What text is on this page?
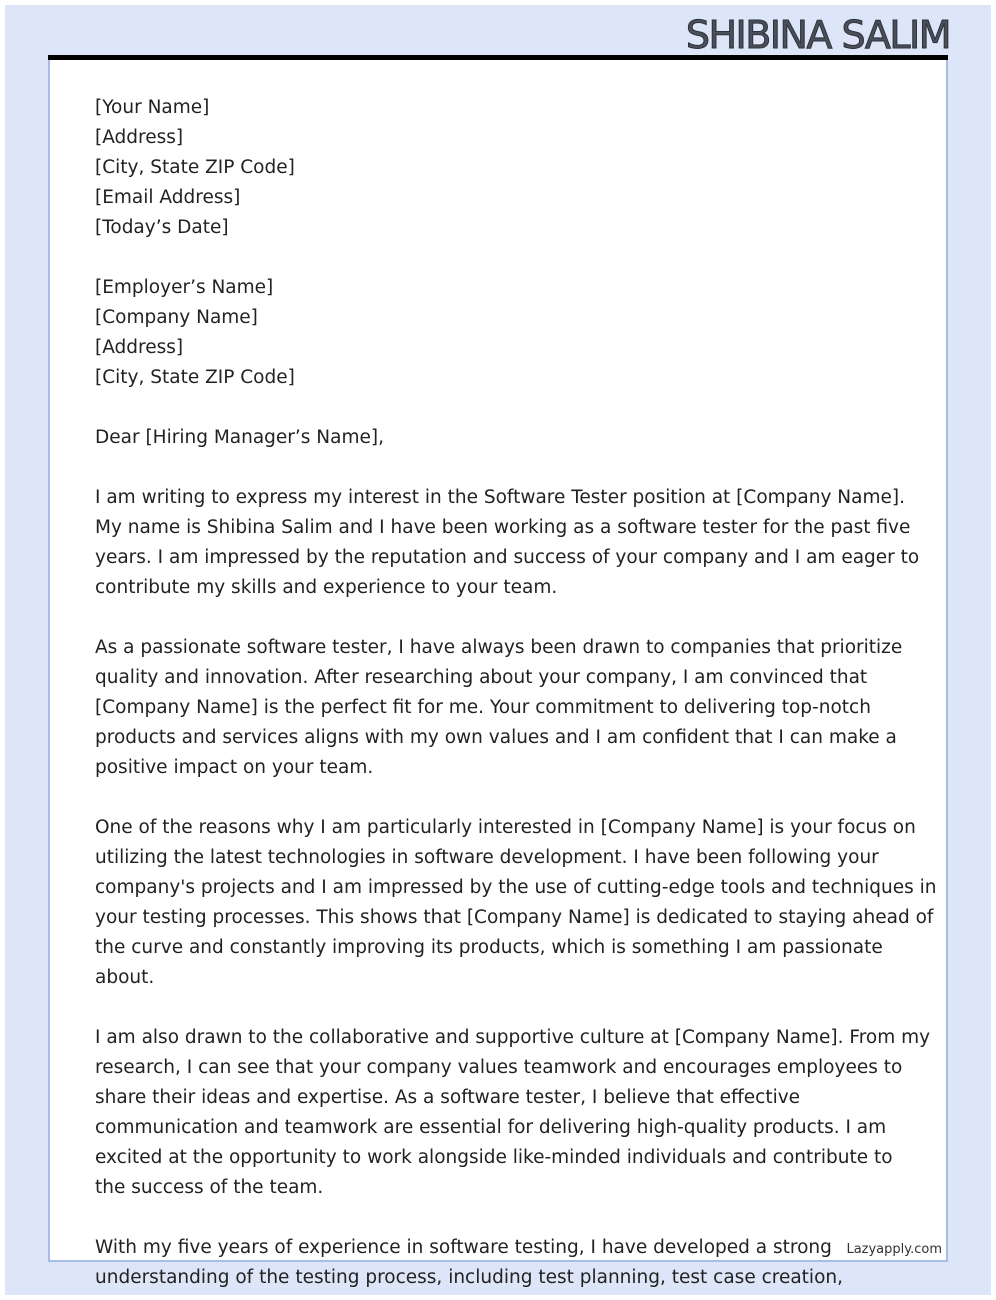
SHIBINA SALIM
[Your Name]
[Address]
[City, State ZIP Code]
[Email Address]
[Today’s Date]
[Employer’s Name]
[Company Name]
[Address]
[City, State ZIP Code]
Dear [Hiring Manager’s Name],
I am writing to express my interest in the Software Tester position at [Company Name].
My name is Shibina Salim and I have been working as a software tester for the past five
years. I am impressed by the reputation and success of your company and I am eager to
contribute my skills and experience to your team.
As a passionate software tester, I have always been drawn to companies that prioritize
quality and innovation. After researching about your company, I am convinced that
[Company Name] is the perfect fit for me. Your commitment to delivering top-notch
products and services aligns with my own values and I am confident that I can make a
positive impact on your team.
One of the reasons why I am particularly interested in [Company Name] is your focus on
utilizing the latest technologies in software development. I have been following your
company's projects and I am impressed by the use of cutting-edge tools and techniques in
your testing processes. This shows that [Company Name] is dedicated to staying ahead of
the curve and constantly improving its products, which is something I am passionate
about.
I am also drawn to the collaborative and supportive culture at [Company Name]. From my
research, I can see that your company values teamwork and encourages employees to
share their ideas and expertise. As a software tester, I believe that effective
communication and teamwork are essential for delivering high-quality products. I am
excited at the opportunity to work alongside like-minded individuals and contribute to
the success of the team.
With my five years of experience in software testing, I have developed a strong
understanding of the testing process, including test planning, test case creation,
Lazyapply.com
